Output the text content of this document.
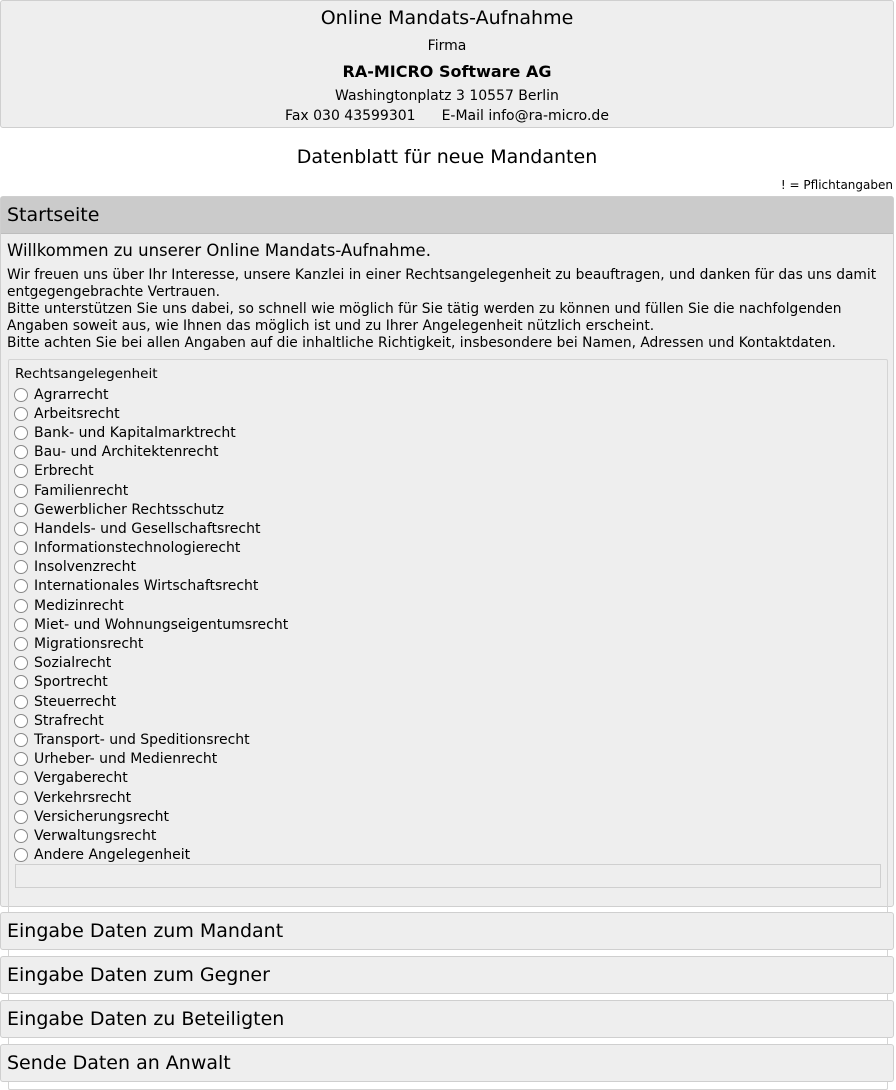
Online Mandats-Aufnahme
Firma
RA-MICRO Software AG
Washingtonplatz 3 10557 Berlin
Fax 030 43599301 E-Mail info@ra-micro.de
Datenblatt für neue Mandanten
! = Pflichtangaben
Startseite
Willkommen zu unserer Online Mandats-Aufnahme.
Wir freuen uns über Ihr Interesse, unsere Kanzlei in einer Rechtsangelegenheit zu beauftragen, und danken für das uns damit entgegengebrachte Vertrauen.
Bitte unterstützen Sie uns dabei, so schnell wie möglich für Sie tätig werden zu können und füllen Sie die nachfolgenden Angaben soweit aus, wie Ihnen das möglich ist und zu Ihrer Angelegenheit nützlich erscheint.
Bitte achten Sie bei allen Angaben auf die inhaltliche Richtigkeit, insbesondere bei Namen, Adressen und Kontaktdaten.
Rechtsangelegenheit
Agrarrecht
Arbeitsrecht
Bank- und Kapitalmarktrecht
Bau- und Architektenrecht
Erbrecht
Familienrecht
Gewerblicher Rechtsschutz
Handels- und Gesellschaftsrecht
Informationstechnologierecht
Insolvenzrecht
Internationales Wirtschaftsrecht
Medizinrecht
Miet- und Wohnungseigentumsrecht
Migrationsrecht
Sozialrecht
Sportrecht
Steuerrecht
Strafrecht
Transport- und Speditionsrecht
Urheber- und Medienrecht
Vergaberecht
Verkehrsrecht
Versicherungsrecht
Verwaltungsrecht
Andere Angelegenheit
Eingabe Daten zum Mandant
Eingabe Daten zum Gegner
Eingabe Daten zu Beteiligten
Sende Daten an Anwalt
